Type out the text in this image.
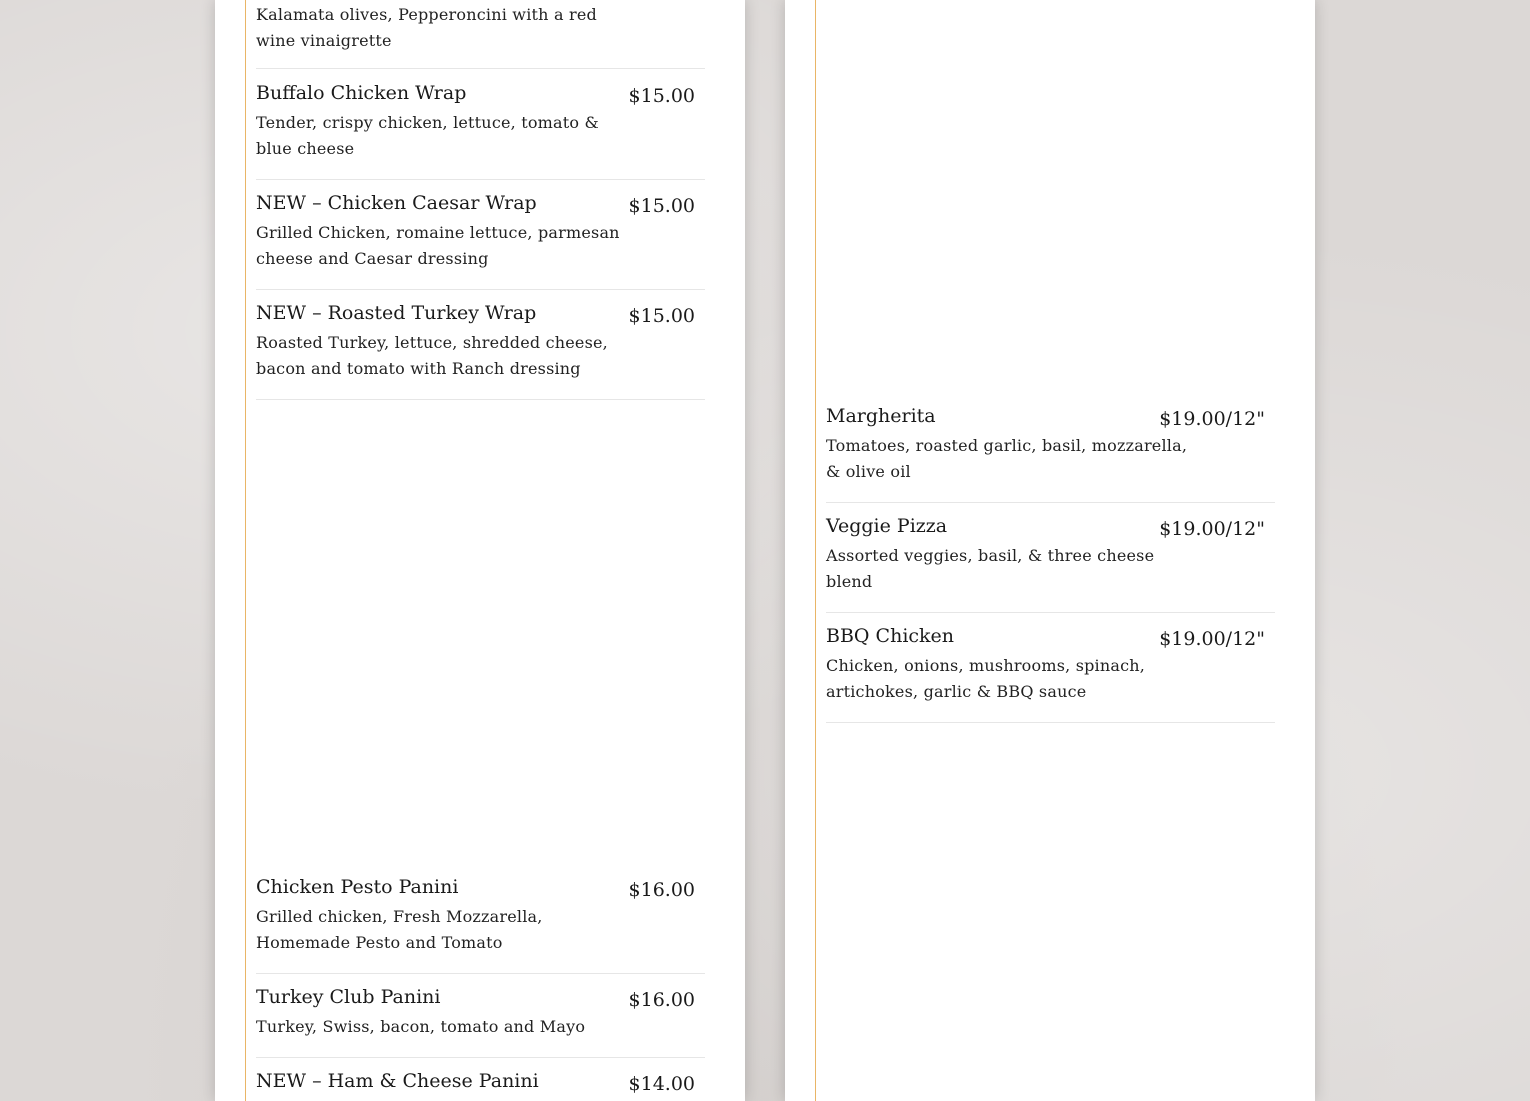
Kalamata olives, Pepperoncini with a red wine vinaigrette
Buffalo Chicken Wrap
Tender, crispy chicken, lettuce, tomato & blue cheese
$15.00
NEW – Chicken Caesar Wrap
Grilled Chicken, romaine lettuce, parmesan cheese and Caesar dressing
$15.00
NEW – Roasted Turkey Wrap
Roasted Turkey, lettuce, shredded cheese, bacon and tomato with Ranch dressing
$15.00
Chicken Pesto Panini
Grilled chicken, Fresh Mozzarella, Homemade Pesto and Tomato
$16.00
Turkey Club Panini
Turkey, Swiss, bacon, tomato and Mayo
$16.00
NEW – Ham & Cheese Panini	$14.00
Margherita
Tomatoes, roasted garlic, basil, mozzarella, & olive oil
$19.00/12"
Veggie Pizza
Assorted veggies, basil, & three cheese blend
$19.00/12"
BBQ Chicken
Chicken, onions, mushrooms, spinach, artichokes, garlic & BBQ sauce
$19.00/12"
